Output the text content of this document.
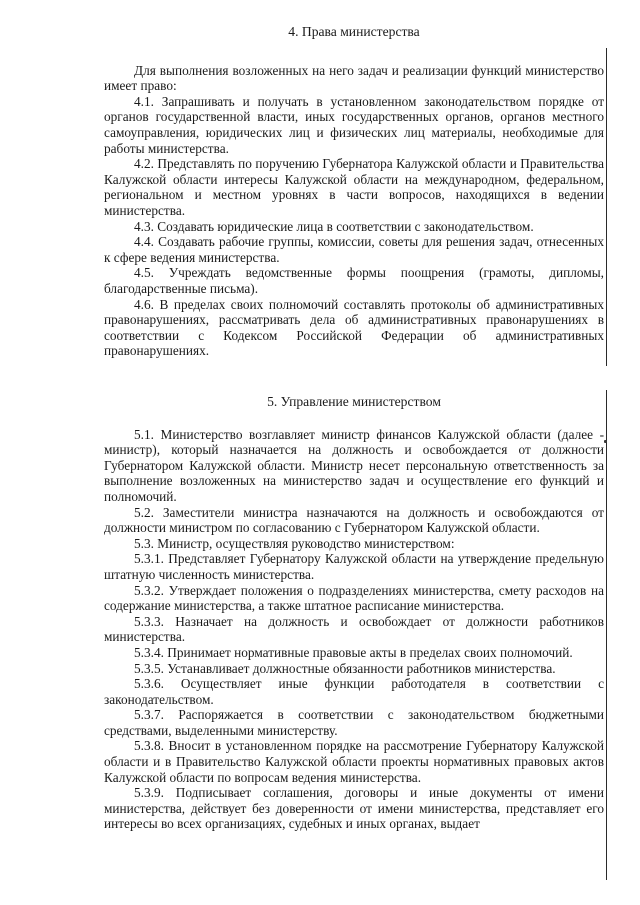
4. Права министерства

Для выполнения возложенных на него задач и реализации функций министерство имеет право:

4.1. Запрашивать и получать в установленном законодательством порядке от органов государственной власти, иных государственных органов, органов местного самоуправления, юридических лиц и физических лиц материалы, необходимые для работы министерства.

4.2. Представлять по поручению Губернатора Калужской области и Правительства Калужской области интересы Калужской области на международном, федеральном, региональном и местном уровнях в части вопросов, находящихся в ведении министерства.

4.3. Создавать юридические лица в соответствии с законодательством.

4.4. Создавать рабочие группы, комиссии, советы для решения задач, отнесенных к сфере ведения министерства.

4.5. Учреждать ведомственные формы поощрения (грамоты, дипломы, благодарственные письма).

4.6. В пределах своих полномочий составлять протоколы об административных правонарушениях, рассматривать дела об административных правонарушениях в соответствии с Кодексом Российской Федерации об административных правонарушениях.

5. Управление министерством

5.1. Министерство возглавляет министр финансов Калужской области (далее - министр), который назначается на должность и освобождается от должности Губернатором Калужской области. Министр несет персональную ответственность за выполнение возложенных на министерство задач и осуществление его функций и полномочий.

5.2. Заместители министра назначаются на должность и освобождаются от должности министром по согласованию с Губернатором Калужской области.

5.3. Министр, осуществляя руководство министерством:

5.3.1. Представляет Губернатору Калужской области на утверждение предельную штатную численность министерства.

5.3.2. Утверждает положения о подразделениях министерства, смету расходов на содержание министерства, а также штатное расписание министерства.

5.3.3. Назначает на должность и освобождает от должности работников министерства.

5.3.4. Принимает нормативные правовые акты в пределах своих полномочий.

5.3.5. Устанавливает должностные обязанности работников министерства.

5.3.6. Осуществляет иные функции работодателя в соответствии с законодательством.

5.3.7. Распоряжается в соответствии с законодательством бюджетными средствами, выделенными министерству.

5.3.8. Вносит в установленном порядке на рассмотрение Губернатору Калужской области и в Правительство Калужской области проекты нормативных правовых актов Калужской области по вопросам ведения министерства.

5.3.9. Подписывает соглашения, договоры и иные документы от имени министерства, действует без доверенности от имени министерства, представляет его интересы во всех организациях, судебных и иных органах, выдает
